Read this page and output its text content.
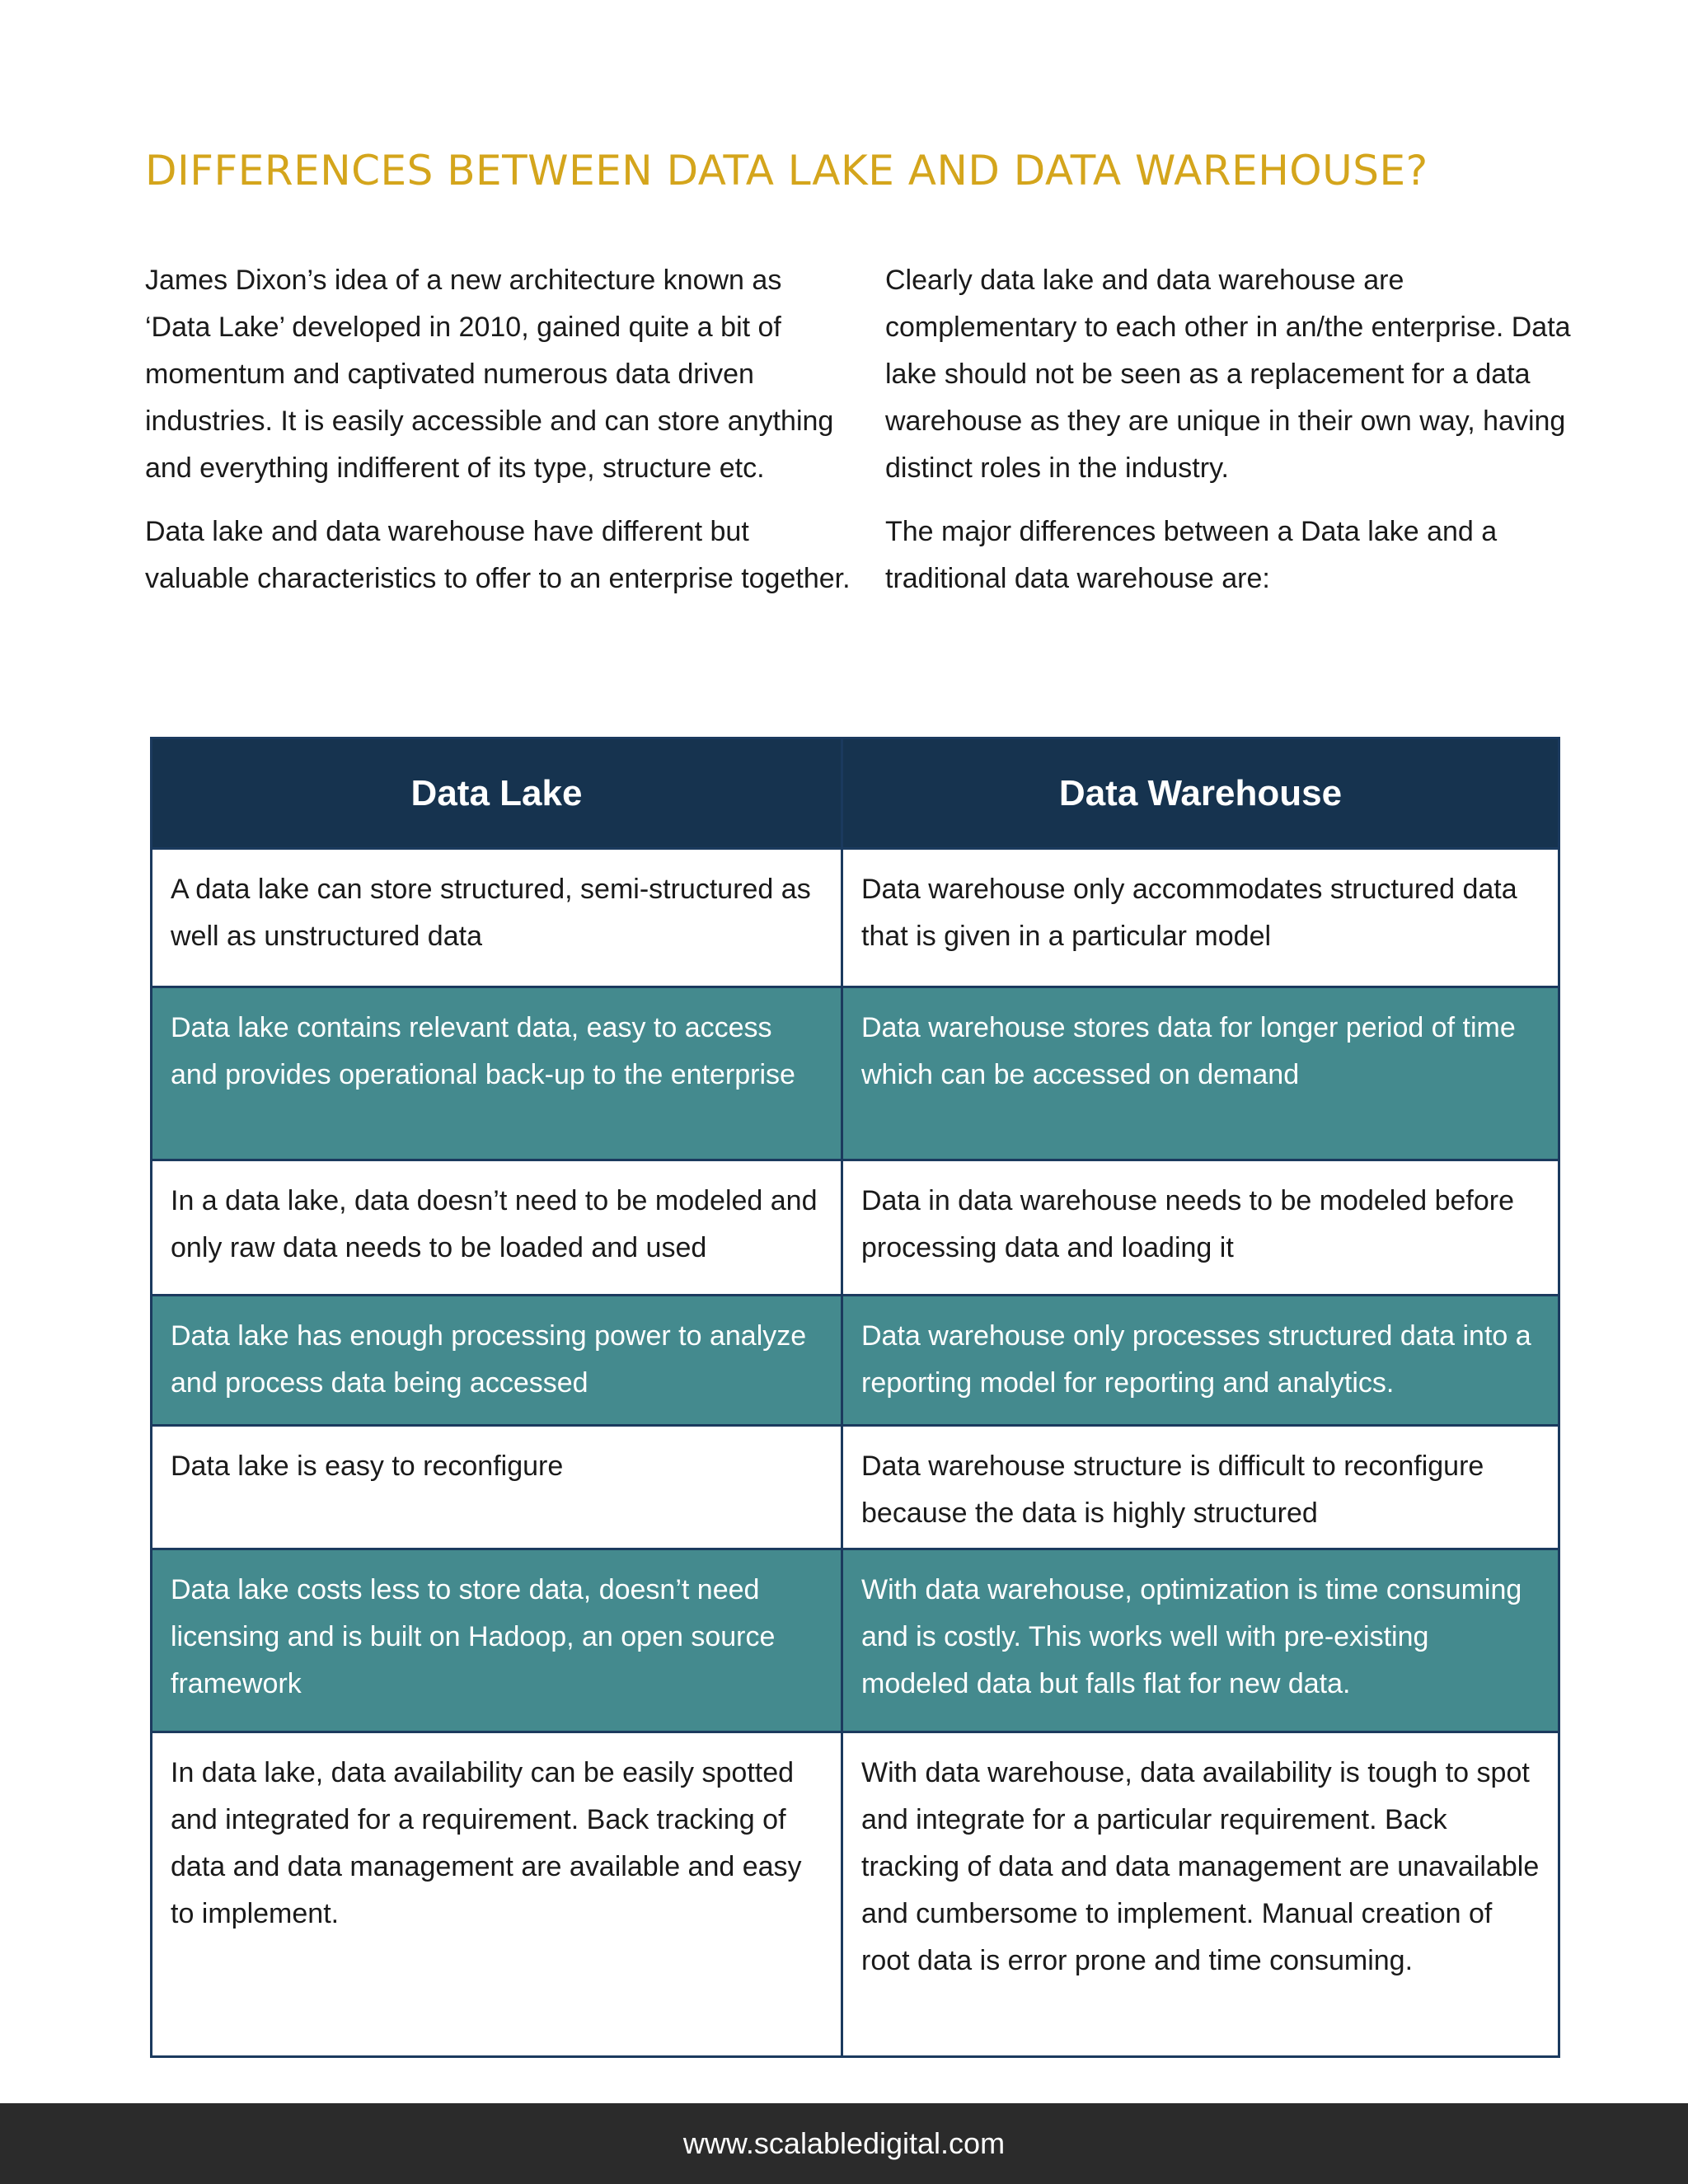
DIFFERENCES BETWEEN DATA LAKE AND DATA WAREHOUSE?

James Dixon’s idea of a new architecture known as ‘Data Lake’ developed in 2010, gained quite a bit of momentum and captivated numerous data driven industries. It is easily accessible and can store anything and everything indifferent of its type, structure etc.

Data lake and data warehouse have different but valuable characteristics to offer to an enterprise together.

Clearly data lake and data warehouse are complementary to each other in an/the enterprise. Data lake should not be seen as a replacement for a data warehouse as they are unique in their own way, having distinct roles in the industry.

The major differences between a Data lake and a traditional data warehouse are:

Data Lake	Data Warehouse
A data lake can store structured, semi-structured as well as unstructured data	Data warehouse only accommodates structured data that is given in a particular model
Data lake contains relevant data, easy to access and provides operational back-up to the enterprise	Data warehouse stores data for longer period of time which can be accessed on demand
In a data lake, data doesn’t need to be modeled and only raw data needs to be loaded and used	Data in data warehouse needs to be modeled before processing data and loading it
Data lake has enough processing power to analyze and process data being accessed	Data warehouse only processes structured data into a reporting model for reporting and analytics.
Data lake is easy to reconfigure	Data warehouse structure is difficult to reconfigure because the data is highly structured
Data lake costs less to store data, doesn’t need licensing and is built on Hadoop, an open source framework	With data warehouse, optimization is time consuming and is costly. This works well with pre-existing modeled data but falls flat for new data.
In data lake, data availability can be easily spotted and integrated for a requirement. Back tracking of data and data management are available and easy to implement.	With data warehouse, data availability is tough to spot and integrate for a particular requirement. Back tracking of data and data management are unavailable and cumbersome to implement. Manual creation of root data is error prone and time consuming.
www.scalabledigital.com
